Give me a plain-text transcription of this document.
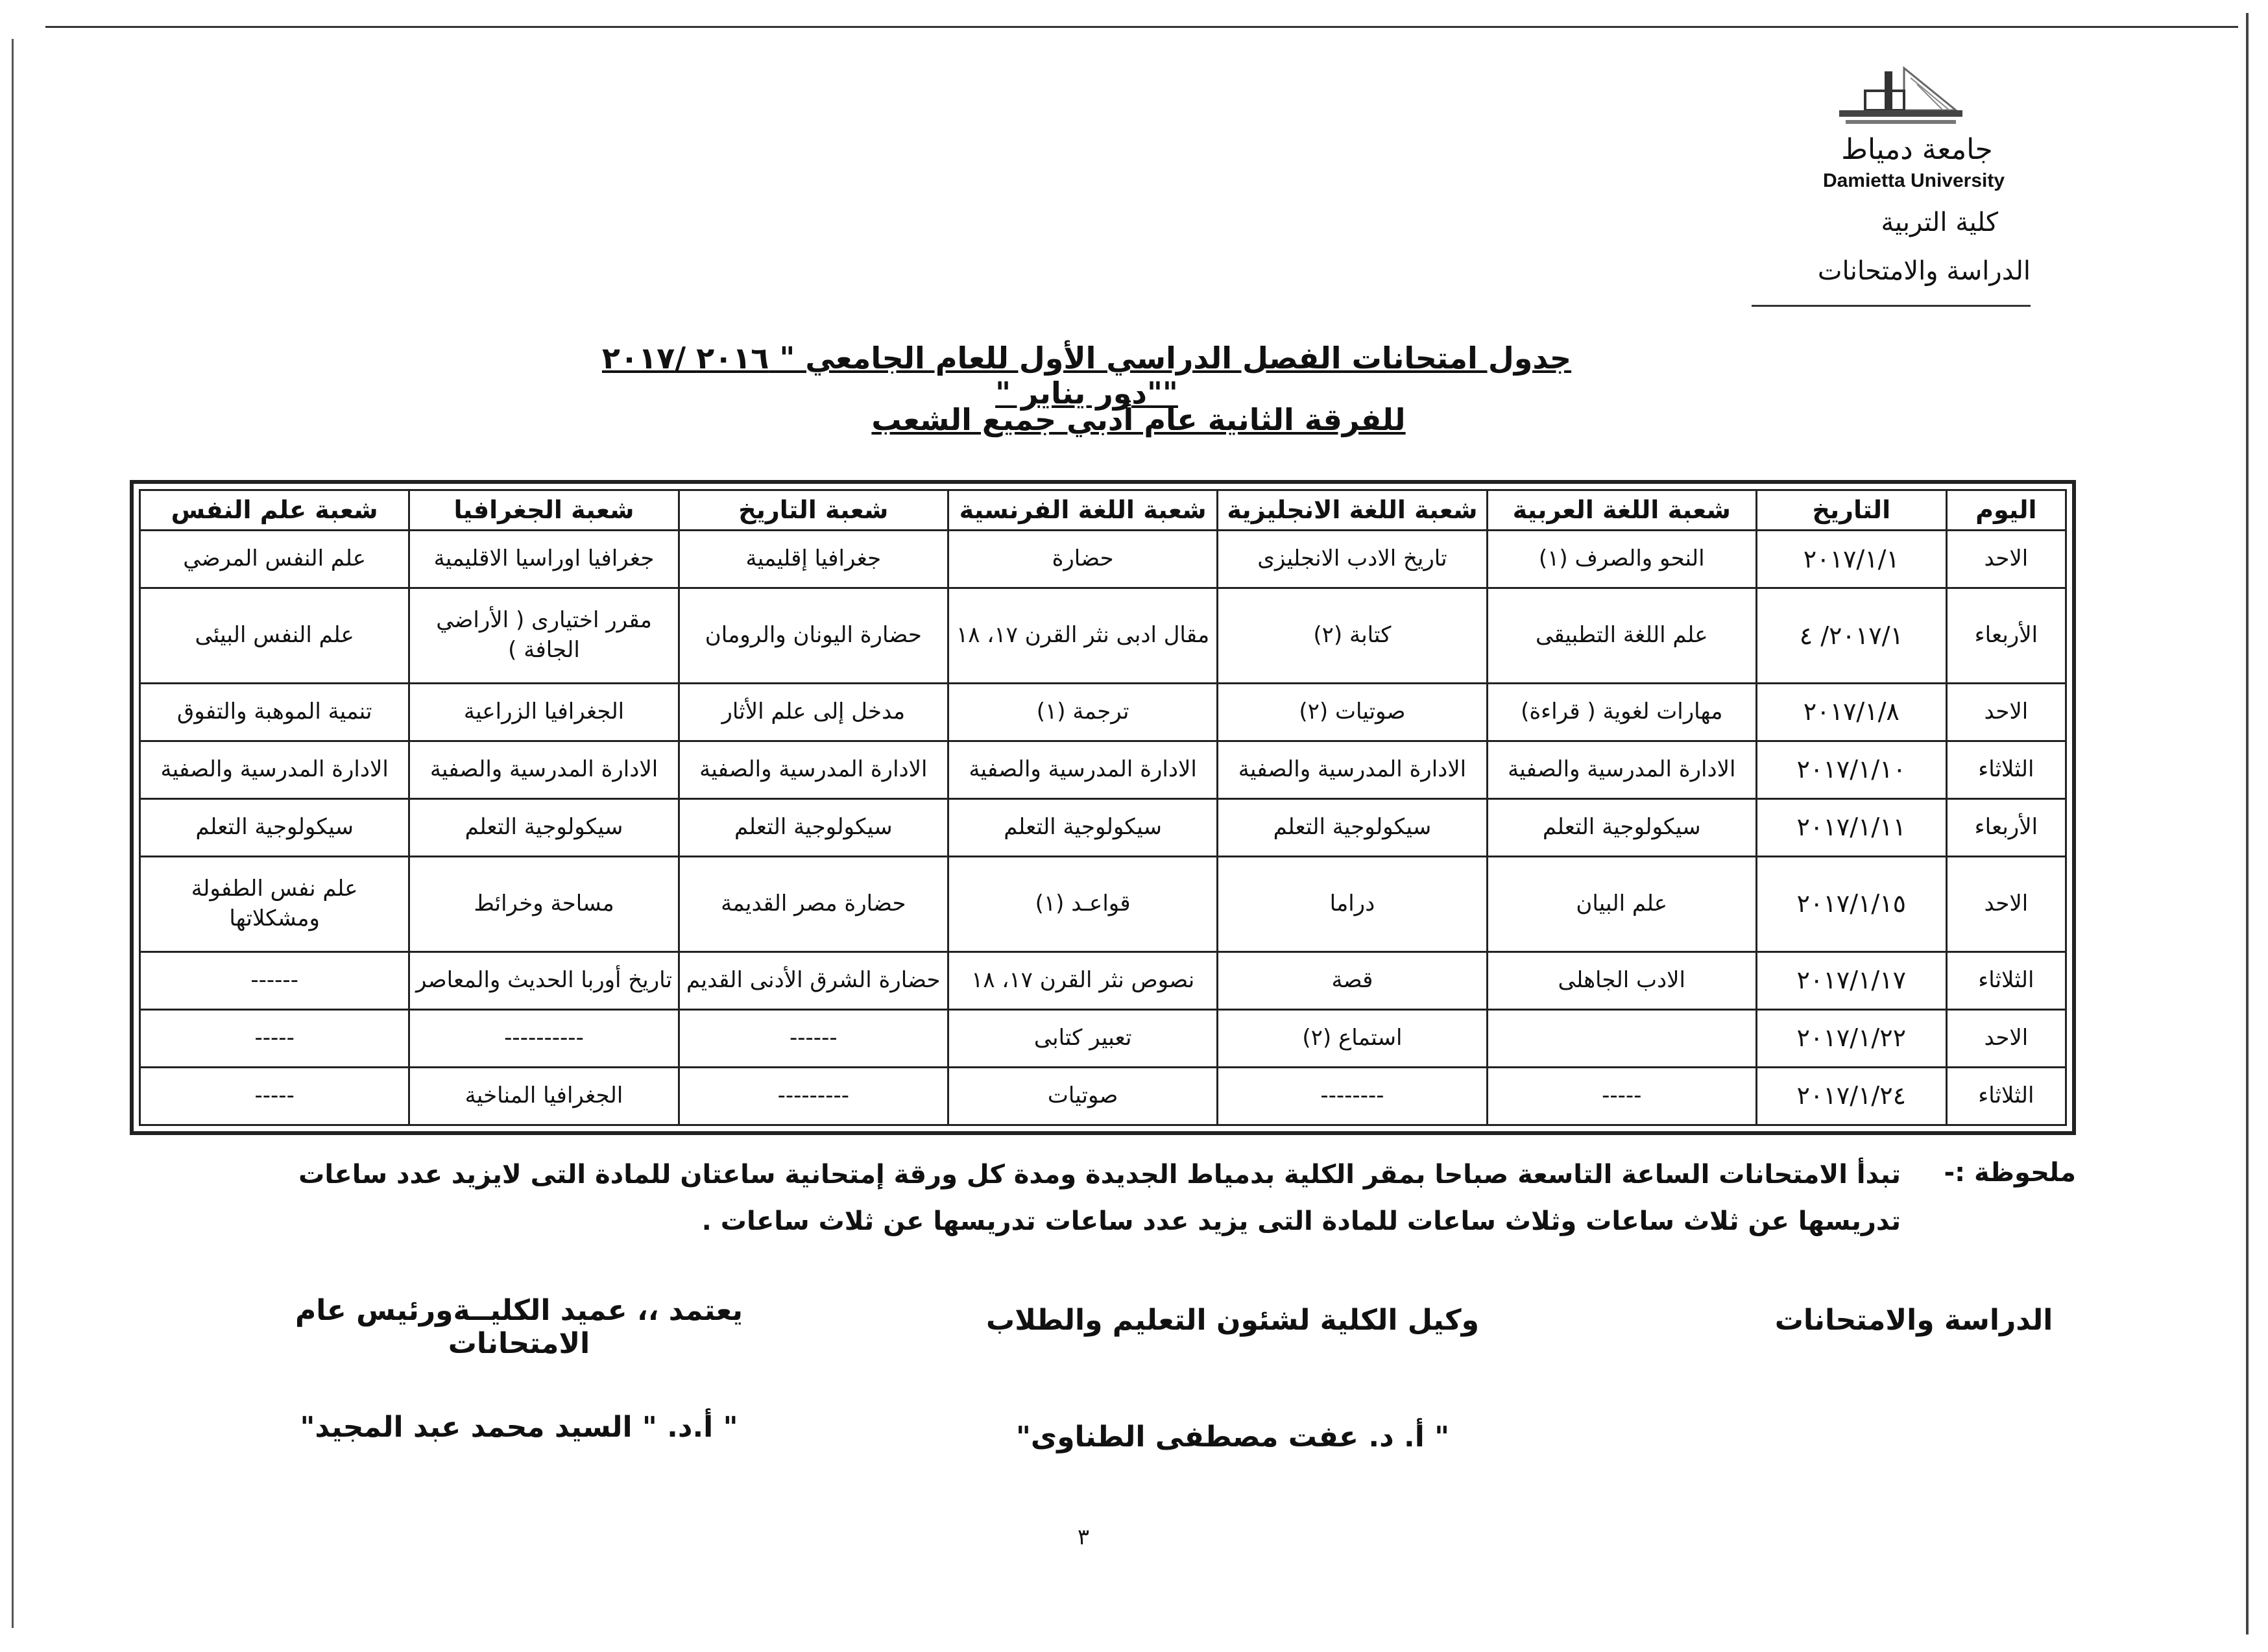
جامعة دمياط
Damietta University
كلية التربية
الدراسة والامتحانات
جدول امتحانات الفصل الدراسي الأول للعام الجامعي " ٢٠١٦ /٢٠١٧ ""دور يناير "
للفرقة الثانية عام أدبي جميع الشعب
اليوم	التاريخ	شعبة اللغة العربية	شعبة اللغة الانجليزية	شعبة اللغة الفرنسية	شعبة التاريخ	شعبة الجغرافيا	شعبة علم النفس
الاحد	٢٠١٧/١/١	النحو والصرف (١)	تاريخ الادب الانجليزى	حضارة	جغرافيا إقليمية	جغرافيا اوراسيا الاقليمية	علم النفس المرضي
الأربعاء	٢٠١٧/١/ ٤	علم اللغة التطبيقى	كتابة (٢)	مقال ادبى نثر القرن ١٧، ١٨	حضارة اليونان والرومان	مقرر اختيارى ( الأراضي الجافة )	علم النفس البيئى
الاحد	٢٠١٧/١/٨	مهارات لغوية ( قراءة)	صوتيات (٢)	ترجمة (١)	مدخل إلى علم الأثار	الجغرافيا الزراعية	تنمية الموهبة والتفوق
الثلاثاء	٢٠١٧/١/١٠	الادارة المدرسية والصفية	الادارة المدرسية والصفية	الادارة المدرسية والصفية	الادارة المدرسية والصفية	الادارة المدرسية والصفية	الادارة المدرسية والصفية
الأربعاء	٢٠١٧/١/١١	سيكولوجية التعلم	سيكولوجية التعلم	سيكولوجية التعلم	سيكولوجية التعلم	سيكولوجية التعلم	سيكولوجية التعلم
الاحد	٢٠١٧/١/١٥	علم البيان	دراما	قواعـد (١)	حضارة مصر القديمة	مساحة وخرائط	علم نفس الطفولة ومشكلاتها
الثلاثاء	٢٠١٧/١/١٧	الادب الجاهلى	قصة	نصوص نثر القرن ١٧، ١٨	حضارة الشرق الأدنى القديم	تاريخ أوربا الحديث والمعاصر	------
الاحد	٢٠١٧/١/٢٢		استماع (٢)	تعبير كتابى	------	----------	-----
الثلاثاء	٢٠١٧/١/٢٤	-----	--------	صوتيات	---------	الجغرافيا المناخية	-----
ملحوظة :-
تبدأ الامتحانات الساعة التاسعة صباحا بمقر الكلية بدمياط الجديدة ومدة كل ورقة إمتحانية ساعتان للمادة التى لايزيد عدد ساعات تدريسها عن ثلاث ساعات وثلاث ساعات للمادة التى يزيد عدد ساعات تدريسها عن ثلاث ساعات .
الدراسة والامتحانات
وكيل الكلية لشئون التعليم والطلاب
يعتمد ،، عميد الكليــةورئيس عام الامتحانات
" أ. د. عفت مصطفى الطناوى"
" أ.د. " السيد محمد عبد المجيد"
٣
